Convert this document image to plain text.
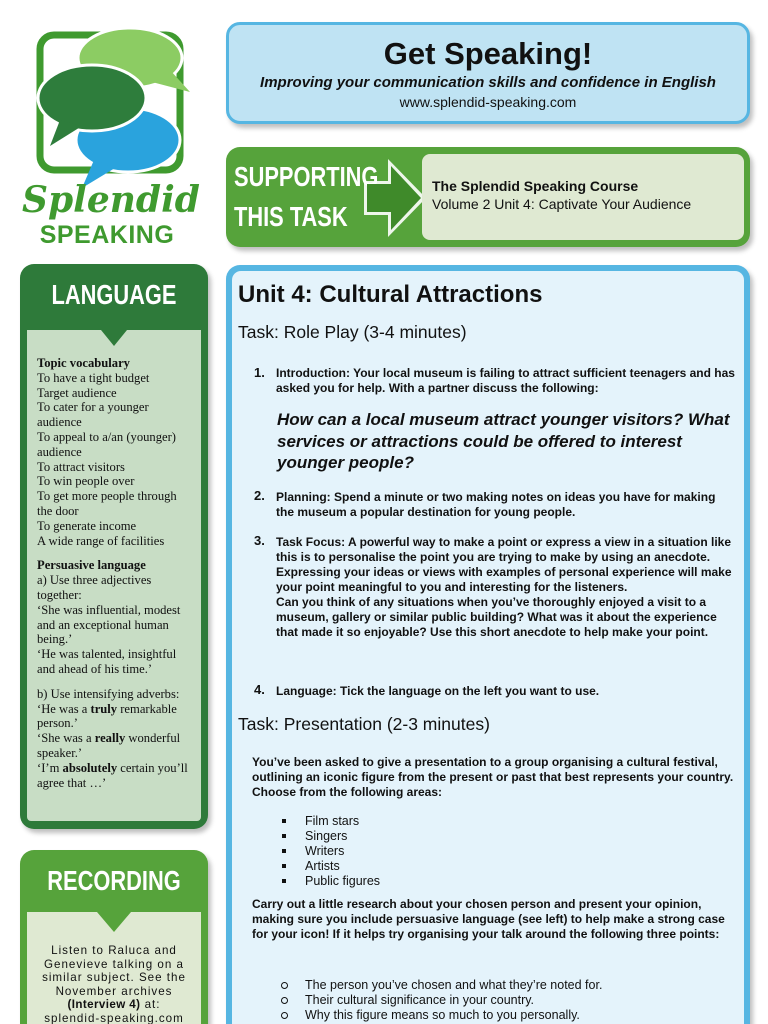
Splendid
SPEAKING
Get Speaking!
Improving your communication skills and confidence in English
www.splendid-speaking.com
SUPPORTING
THIS TASK
The Splendid Speaking Course
Volume 2 Unit 4: Captivate Your Audience
LANGUAGE
Topic vocabulary
To have a tight budget
Target audience
To cater for a younger audience
To appeal to a/an (younger) audience
To attract visitors
To win people over
To get more people through the door
To generate income
A wide range of facilities
Persuasive language
a) Use three adjectives together:
‘She was influential, modest and an exceptional human being.’
‘He was talented, insightful and ahead of his time.’
b) Use intensifying adverbs:
‘He was a truly remarkable person.’
‘She was a really wonderful speaker.’
‘I’m absolutely certain you’ll agree that …’
RECORDING
Listen to Raluca and Genevieve talking on a similar subject. See the November archives (Interview 4) at:
splendid-speaking.com
Unit 4: Cultural Attractions
Task: Role Play (3-4 minutes)
1. Introduction: Your local museum is failing to attract sufficient teenagers and has asked you for help. With a partner discuss the following:
How can a local museum attract younger visitors? What services or attractions could be offered to interest younger people?
2. Planning: Spend a minute or two making notes on ideas you have for making the museum a popular destination for young people.
3. Task Focus: A powerful way to make a point or express a view in a situation like this is to personalise the point you are trying to make by using an anecdote. Expressing your ideas or views with examples of personal experience will make your point meaningful to you and interesting for the listeners.
Can you think of any situations when you’ve thoroughly enjoyed a visit to a museum, gallery or similar public building? What was it about the experience that made it so enjoyable? Use this short anecdote to help make your point.
4. Language: Tick the language on the left you want to use.
Task: Presentation (2-3 minutes)
You’ve been asked to give a presentation to a group organising a cultural festival, outlining an iconic figure from the present or past that best represents your country. Choose from the following areas:
Film stars
Singers
Writers
Artists
Public figures
Carry out a little research about your chosen person and present your opinion, making sure you include persuasive language (see left) to help make a strong case for your icon! If it helps try organising your talk around the following three points:
The person you’ve chosen and what they’re noted for.
Their cultural significance in your country.
Why this figure means so much to you personally.
